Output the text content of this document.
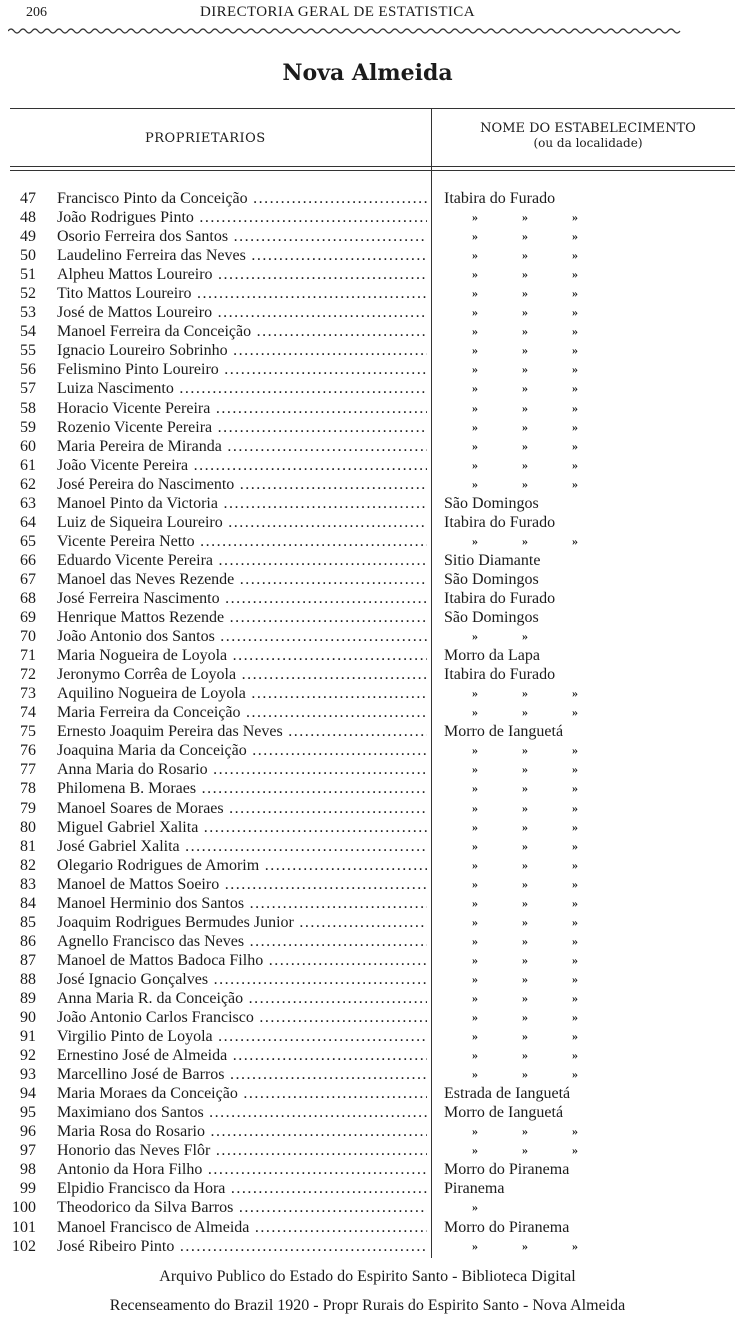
206	DIRECTORIA GERAL DE ESTATISTICA
Nova Almeida
PROPRIETARIOS
NOME DO ESTABELECIMENTO
(ou da localidade)
47 Francisco Pinto da Conceição .....	Itabira do Furado
48 João Rodrigues Pinto .....	»	»	»
49 Osorio Ferreira dos Santos .....	»	»	»
50 Laudelino Ferreira das Neves .....	»	»	»
51 Alpheu Mattos Loureiro .....	»	»	»
52 Tito Mattos Loureiro .....	»	»	»
53 José de Mattos Loureiro .....	»	»	»
54 Manoel Ferreira da Conceição .....	»	»	»
55 Ignacio Loureiro Sobrinho .....	»	»	»
56 Felismino Pinto Loureiro .....	»	»	»
57 Luiza Nascimento .....	»	»	»
58 Horacio Vicente Pereira .....	»	»	»
59 Rozenio Vicente Pereira .....	»	»	»
60 Maria Pereira de Miranda .....	»	»	»
61 João Vicente Pereira .....	»	»	»
62 José Pereira do Nascimento .....	»	»	»
63 Manoel Pinto da Victoria .....	São Domingos
64 Luiz de Siqueira Loureiro .....	Itabira do Furado
65 Vicente Pereira Netto .....	»	»	»
66 Eduardo Vicente Pereira .....	Sitio Diamante
67 Manoel das Neves Rezende .....	São Domingos
68 José Ferreira Nascimento .....	Itabira do Furado
69 Henrique Mattos Rezende .....	São Domingos
70 João Antonio dos Santos .....	»	»
71 Maria Nogueira de Loyola .....	Morro da Lapa
72 Jeronymo Corrêa de Loyola .....	Itabira do Furado
73 Aquilino Nogueira de Loyola .....	»	»	»
74 Maria Ferreira da Conceição .....	»	»	»
75 Ernesto Joaquim Pereira das Neves .....	Morro de Ianguetá
76 Joaquina Maria da Conceição .....	»	»	»
77 Anna Maria do Rosario .....	»	»	»
78 Philomena B. Moraes .....	»	»	»
79 Manoel Soares de Moraes .....	»	»	»
80 Miguel Gabriel Xalita .....	»	»	»
81 José Gabriel Xalita .....	»	»	»
82 Olegario Rodrigues de Amorim .....	»	»	»
83 Manoel de Mattos Soeiro .....	»	»	»
84 Manoel Herminio dos Santos .....	»	»	»
85 Joaquim Rodrigues Bermudes Junior .....	»	»	»
86 Agnello Francisco das Neves .....	»	»	»
87 Manoel de Mattos Badoca Filho .....	»	»	»
88 José Ignacio Gonçalves .....	»	»	»
89 Anna Maria R. da Conceição .....	»	»	»
90 João Antonio Carlos Francisco .....	»	»	»
91 Virgilio Pinto de Loyola .....	»	»	»
92 Ernestino José de Almeida .....	»	»	»
93 Marcellino José de Barros .....	»	»	»
94 Maria Moraes da Conceição .....	Estrada de Ianguetá
95 Maximiano dos Santos .....	Morro de Ianguetá
96 Maria Rosa do Rosario .....	»	»	»
97 Honorio das Neves Flôr .....	»	»	»
98 Antonio da Hora Filho .....	Morro do Piranema
99 Elpidio Francisco da Hora .....	Piranema
100 Theodorico da Silva Barros .....	»
101 Manoel Francisco de Almeida .....	Morro do Piranema
102 José Ribeiro Pinto .....	»	»	»
Arquivo Publico do Estado do Espirito Santo - Biblioteca Digital
Recenseamento do Brazil 1920 - Propr Rurais do Espirito Santo - Nova Almeida
